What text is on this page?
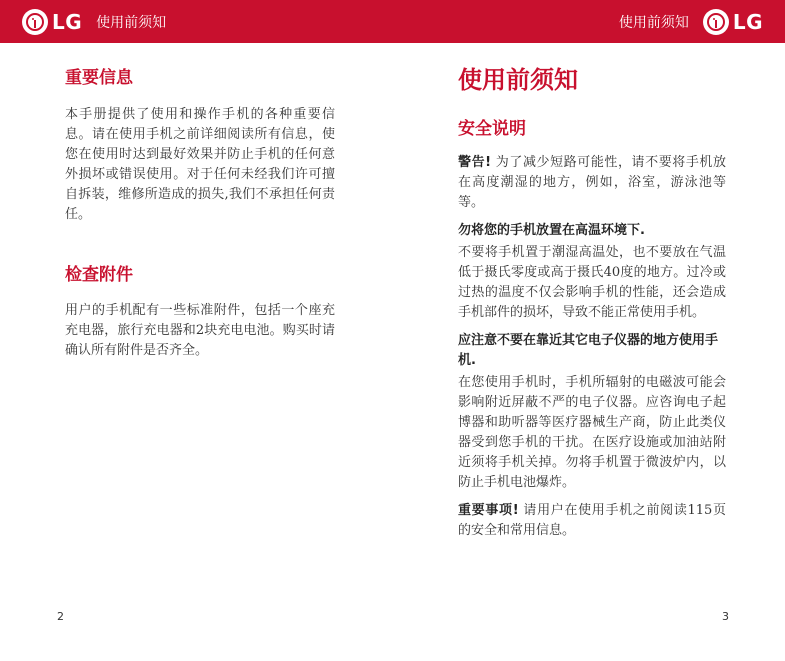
LG 使用前须知	使用前须知 LG
重要信息

本手册提供了使用和操作手机的各种重要信息。请在使用手机之前详细阅读所有信息，使您在使用时达到最好效果并防止手机的任何意外损坏或错误使用。对于任何未经我们许可擅自拆装，维修所造成的损失,我们不承担任何责任。

检查附件

用户的手机配有一些标准附件，包括一个座充充电器，旅行充电器和2块充电电池。购买时请确认所有附件是否齐全。

使用前须知
安全说明

警告! 为了减少短路可能性，请不要将手机放在高度潮湿的地方，例如，浴室，游泳池等等。

勿将您的手机放置在高温环境下.

不要将手机置于潮湿高温处，也不要放在气温低于摄氏零度或高于摄氏40度的地方。过冷或过热的温度不仅会影响手机的性能，还会造成手机部件的损坏，导致不能正常使用手机。

应注意不要在靠近其它电子仪器的地方使用手机.

在您使用手机时，手机所辐射的电磁波可能会影响附近屏蔽不严的电子仪器。应咨询电子起博器和助听器等医疗器械生产商，防止此类仪器受到您手机的干扰。在医疗设施或加油站附近须将手机关掉。勿将手机置于微波炉内，以防止手机电池爆炸。

重要事项! 请用户在使用手机之前阅读115页的安全和常用信息。

2	3
